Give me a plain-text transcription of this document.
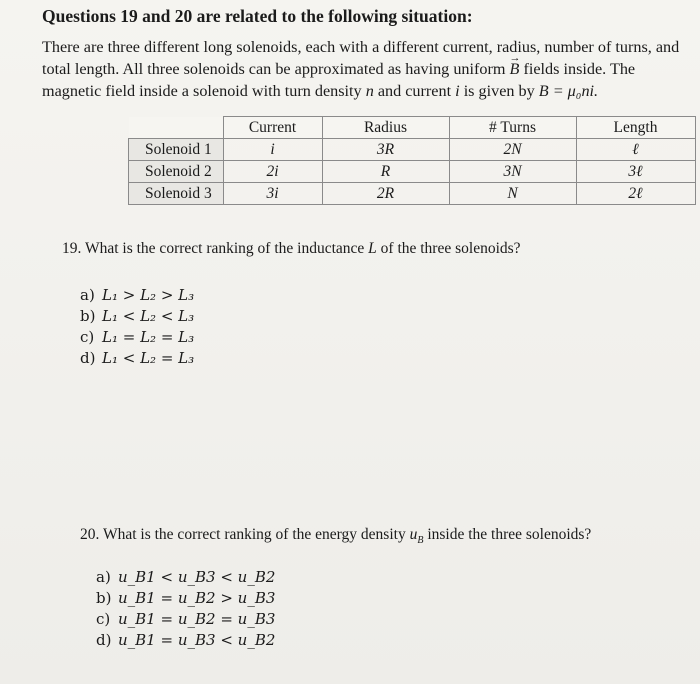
Questions 19 and 20 are related to the following situation:
There are three different long solenoids, each with a different current, radius, number of turns, and
total length. All three solenoids can be approximated as having uniform → B fields inside. The
magnetic field inside a solenoid with turn density n and current i is given by B = μ₀ni.
	Current	Radius	# Turns	Length
Solenoid 1	i	3R	2N	ℓ
Solenoid 2	2i	R	3N	3ℓ
Solenoid 3	3i	2R	N	2ℓ
19. What is the correct ranking of the inductance L of the three solenoids?
a) L₁ > L₂ > L₃
b) L₁ < L₂ < L₃
c) L₁ = L₂ = L₃
d) L₁ < L₂ = L₃
20. What is the correct ranking of the energy density $u_B$ inside the three solenoids?
a) u_B1 < u_B3 < u_B2
b) u_B1 = u_B2 > u_B3
c) u_B1 = u_B2 = u_B3
d) u_B1 = u_B3 < u_B2
